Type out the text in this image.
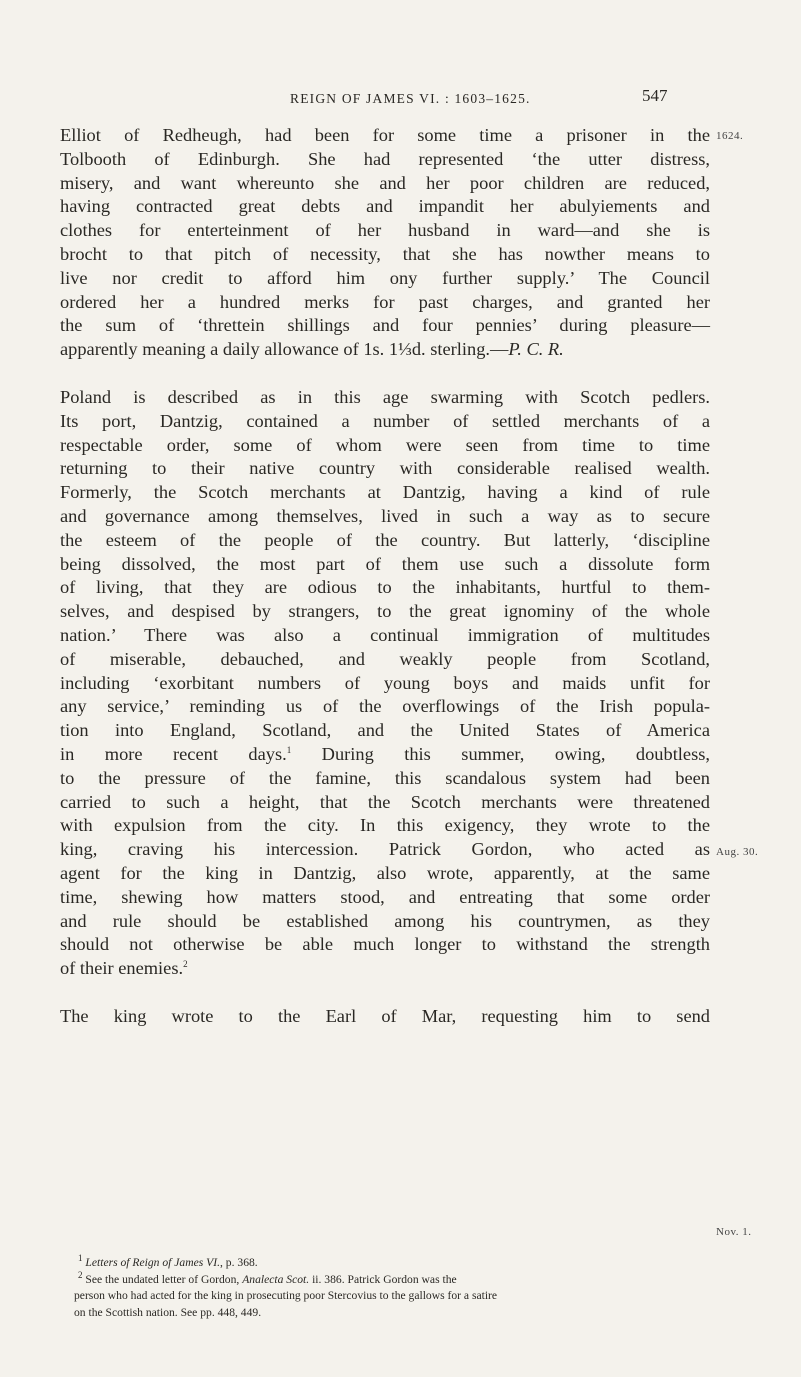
REIGN OF JAMES VI. : 1603–1625.	547
1624.
Aug. 30.
Nov. 1.
Elliot of Redheugh, had been for some time a prisoner in the
Tolbooth of Edinburgh. She had represented ‘the utter distress,
misery, and want whereunto she and her poor children are reduced,
having contracted great debts and impandit her abulyiements and
clothes for enterteinment of her husband in ward—and she is
brocht to that pitch of necessity, that she has nowther means to
live nor credit to afford him ony further supply.’ The Council
ordered her a hundred merks for past charges, and granted her
the sum of ‘threttein shillings and four pennies’ during pleasure—
apparently meaning a daily allowance of 1s. 1⅓d. sterling.—P. C. R.
Poland is described as in this age swarming with Scotch pedlers.
Its port, Dantzig, contained a number of settled merchants of a
respectable order, some of whom were seen from time to time
returning to their native country with considerable realised wealth.
Formerly, the Scotch merchants at Dantzig, having a kind of rule
and governance among themselves, lived in such a way as to secure
the esteem of the people of the country. But latterly, ‘discipline
being dissolved, the most part of them use such a dissolute form
of living, that they are odious to the inhabitants, hurtful to them-
selves, and despised by strangers, to the great ignominy of the whole
nation.’ There was also a continual immigration of multitudes
of miserable, debauched, and weakly people from Scotland,
including ‘exorbitant numbers of young boys and maids unfit for
any service,’ reminding us of the overflowings of the Irish popula-
tion into England, Scotland, and the United States of America
in more recent days.$^1$ During this summer, owing, doubtless,
to the pressure of the famine, this scandalous system had been
carried to such a height, that the Scotch merchants were threatened
with expulsion from the city. In this exigency, they wrote to the
king, craving his intercession. Patrick Gordon, who acted as
agent for the king in Dantzig, also wrote, apparently, at the same
time, shewing how matters stood, and entreating that some order
and rule should be established among his countrymen, as they
should not otherwise be able much longer to withstand the strength
of their enemies.$^2$
The king wrote to the Earl of Mar, requesting him to send

$^1$ Letters of Reign of James VI., p. 368.

$^2$ See the undated letter of Gordon, Analecta Scot. ii. 386. Patrick Gordon was the
person who had acted for the king in prosecuting poor Stercovius to the gallows for a satire
on the Scottish nation. See pp. 448, 449.
